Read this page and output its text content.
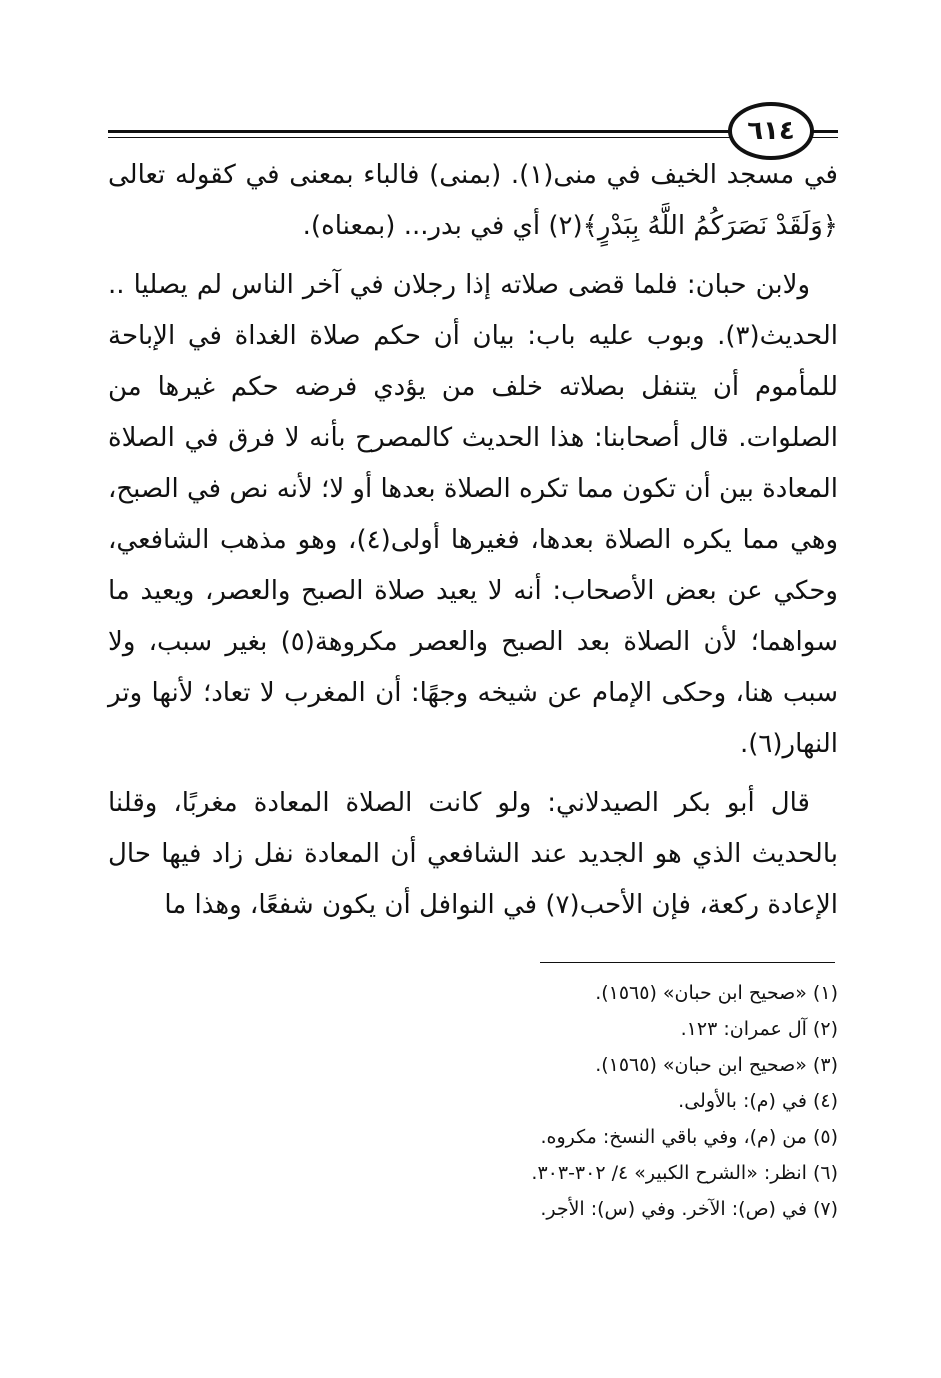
٦١٤

في مسجد الخيف في منى(١). (بمنى) فالباء بمعنى في كقوله تعالى ﴿وَلَقَدْ نَصَرَكُمُ اللَّهُ بِبَدْرٍ﴾(٢) أي في بدر... (بمعناه).

ولابن حبان: فلما قضى صلاته إذا رجلان في آخر الناس لم يصليا .. الحديث(٣). وبوب عليه باب: بيان أن حكم صلاة الغداة في الإباحة للمأموم أن يتنفل بصلاته خلف من يؤدي فرضه حكم غيرها من الصلوات. قال أصحابنا: هذا الحديث كالمصرح بأنه لا فرق في الصلاة المعادة بين أن تكون مما تكره الصلاة بعدها أو لا؛ لأنه نص في الصبح، وهي مما يكره الصلاة بعدها، فغيرها أولى(٤)، وهو مذهب الشافعي، وحكي عن بعض الأصحاب: أنه لا يعيد صلاة الصبح والعصر، ويعيد ما سواهما؛ لأن الصلاة بعد الصبح والعصر مكروهة(٥) بغير سبب، ولا سبب هنا، وحكى الإمام عن شيخه وجهًا: أن المغرب لا تعاد؛ لأنها وتر النهار(٦).

قال أبو بكر الصيدلاني: ولو كانت الصلاة المعادة مغربًا، وقلنا بالحديث الذي هو الجديد عند الشافعي أن المعادة نفل زاد فيها حال الإعادة ركعة، فإن الأحب(٧) في النوافل أن يكون شفعًا، وهذا ما

(١) «صحيح ابن حبان» (١٥٦٥).
(٢) آل عمران: ١٢٣.
(٣) «صحيح ابن حبان» (١٥٦٥).
(٤) في (م): بالأولى.
(٥) من (م)، وفي باقي النسخ: مكروه.
(٦) انظر: «الشرح الكبير» ٤/ ٣٠٢-٣٠٣.
(٧) في (ص): الآخر. وفي (س): الأجر.
